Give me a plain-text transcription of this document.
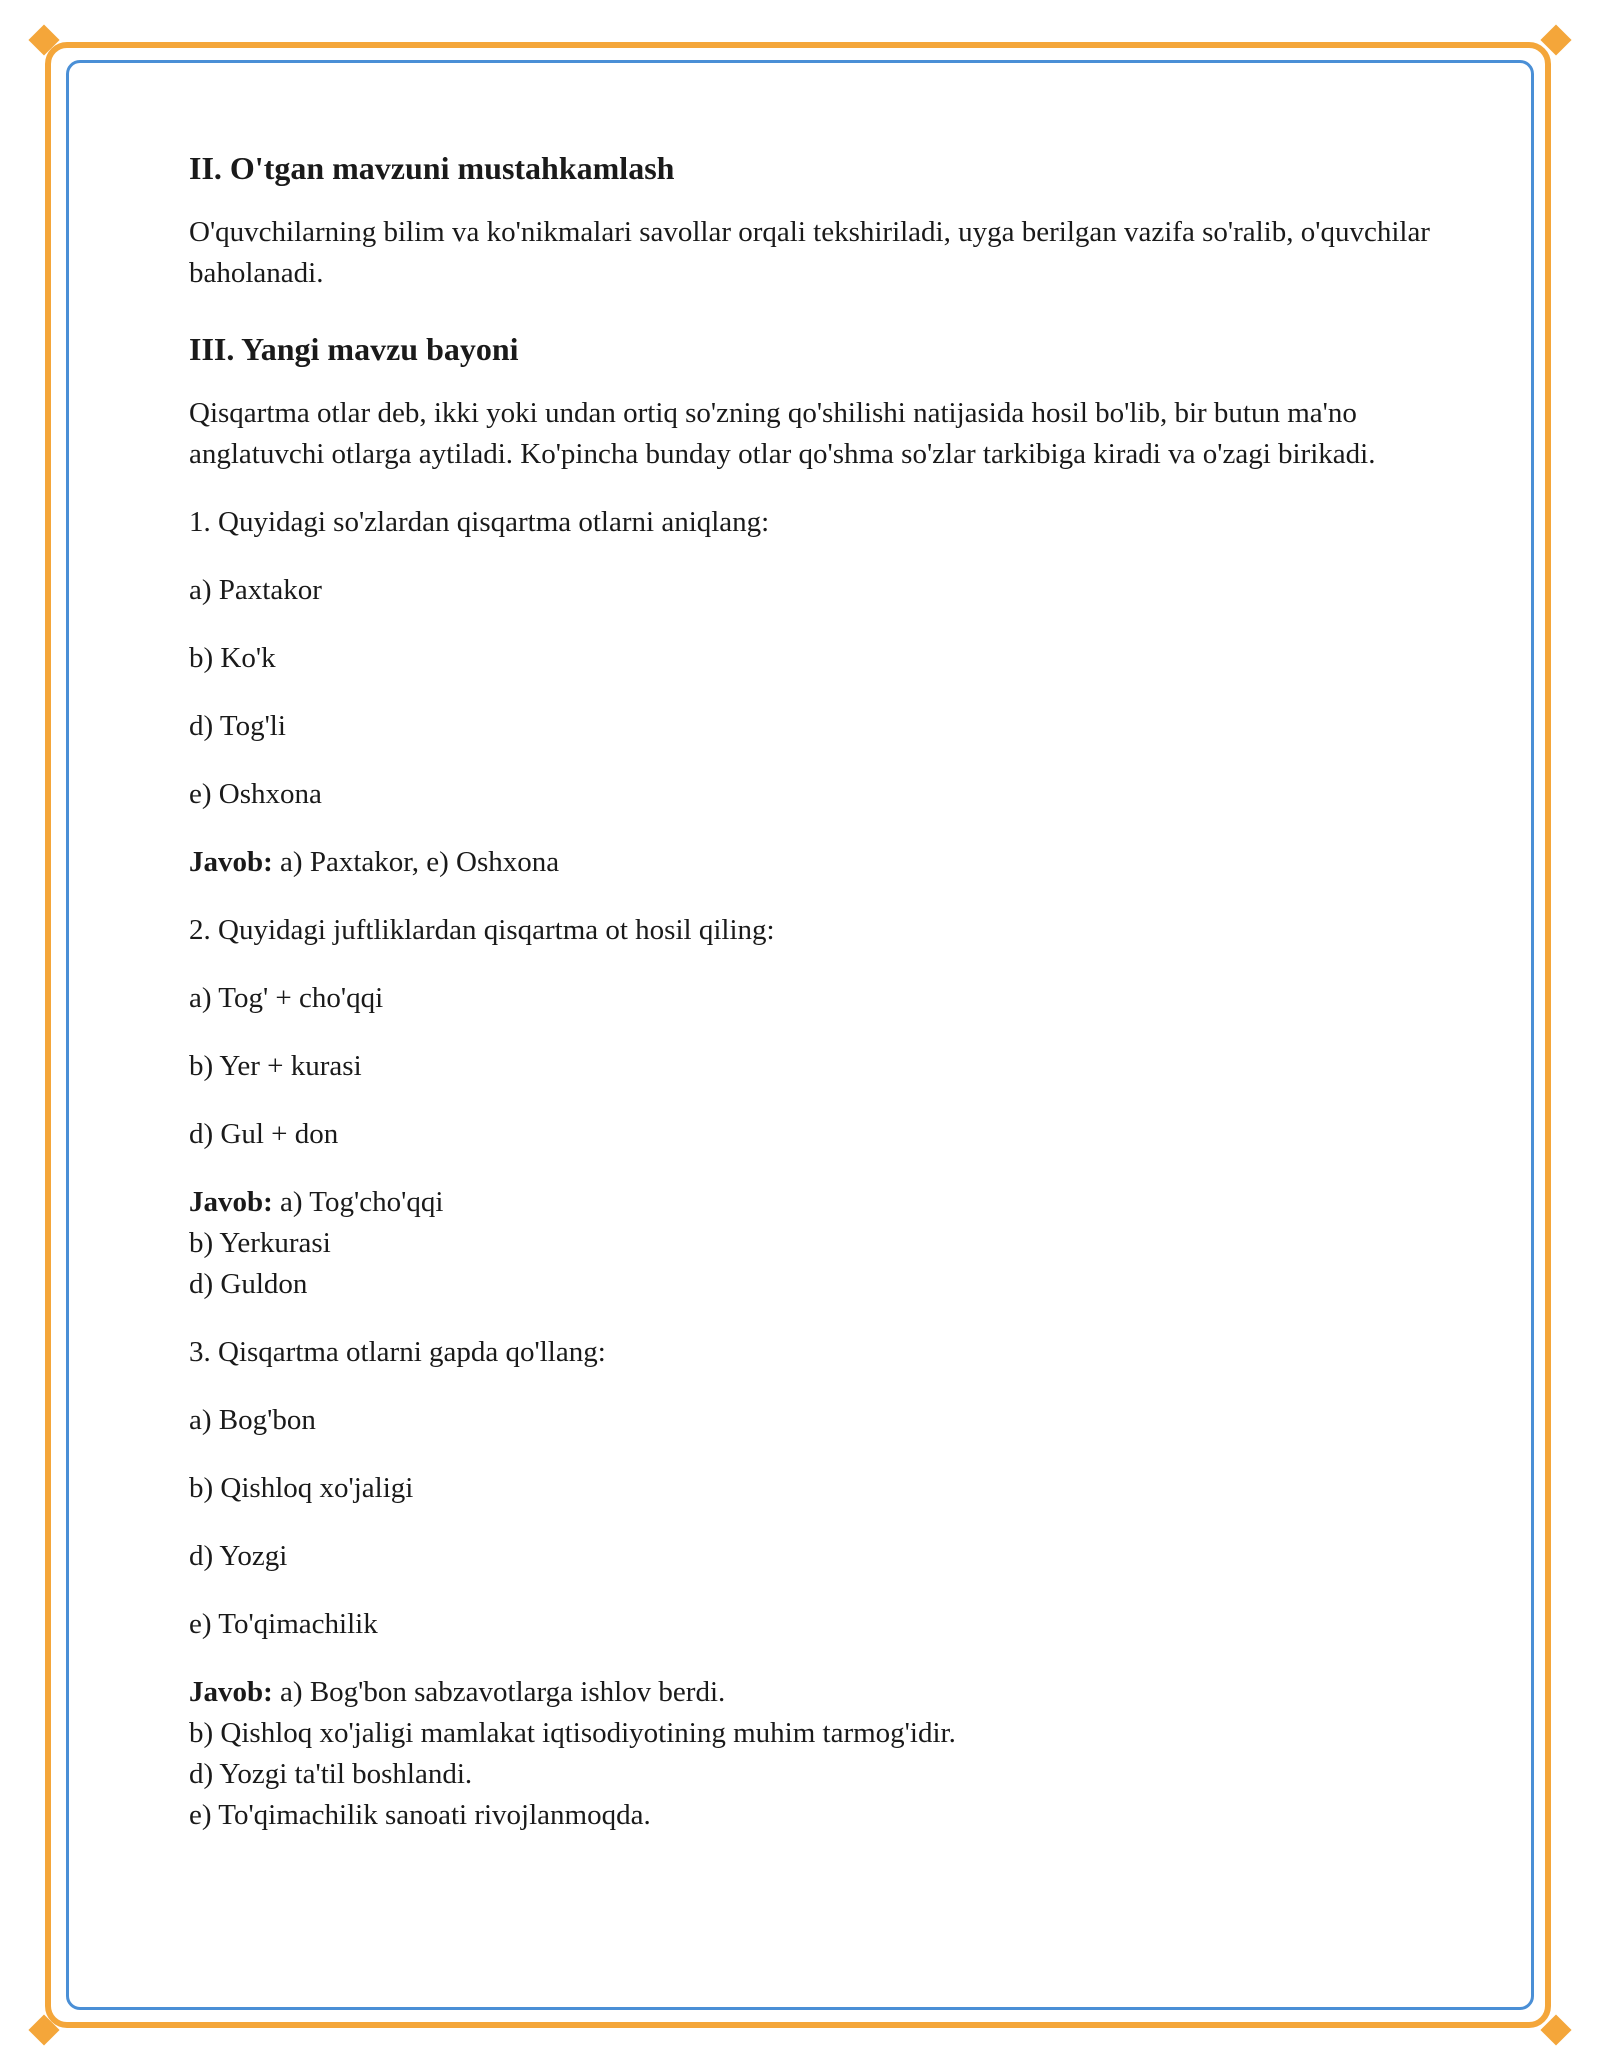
II. O'tgan mavzuni mustahkamlash

O'quvchilarning bilim va ko'nikmalari savollar orqali tekshiriladi, uyga berilgan vazifa so'ralib, o'quvchilar baholanadi.

III. Yangi mavzu bayoni

Qisqartma otlar deb, ikki yoki undan ortiq so'zning qo'shilishi natijasida hosil bo'lib, bir butun ma'no anglatuvchi otlarga aytiladi. Ko'pincha bunday otlar qo'shma so'zlar tarkibiga kiradi va o'zagi birikadi.

1. Quyidagi so'zlardan qisqartma otlarni aniqlang:

a) Paxtakor

b) Ko'k

d) Tog'li

e) Oshxona

Javob: a) Paxtakor, e) Oshxona

2. Quyidagi juftliklardan qisqartma ot hosil qiling:

a) Tog' + cho'qqi

b) Yer + kurasi

d) Gul + don

Javob: a) Tog'cho'qqi

b) Yerkurasi

d) Guldon

3. Qisqartma otlarni gapda qo'llang:

a) Bog'bon

b) Qishloq xo'jaligi

d) Yozgi

e) To'qimachilik

Javob: a) Bog'bon sabzavotlarga ishlov berdi.

b) Qishloq xo'jaligi mamlakat iqtisodiyotining muhim tarmog'idir.

d) Yozgi ta'til boshlandi.

e) To'qimachilik sanoati rivojlanmoqda.
